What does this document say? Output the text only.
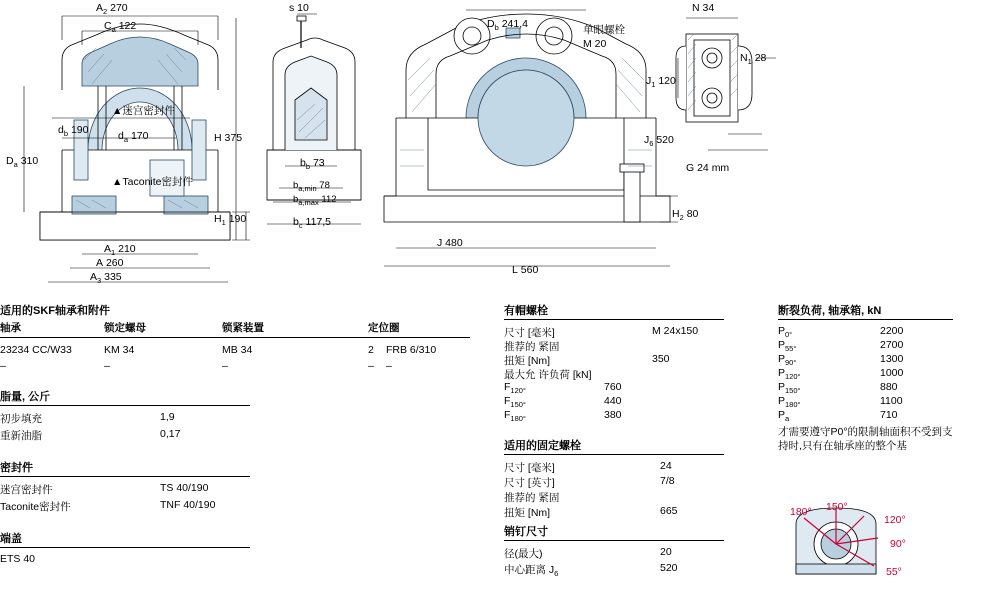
$A_2$ 270
$C_a$ 122
$d_b$ 190	$d_a$ 170
$D_a$ 310
H 375
$H_1$ 190
$A_1$ 210
A 260
$A_3$ 335
▲迷宫密封件
▲Taconite密封件
s 10
$b_b$ 73
$b_{a,min}$ 78
$b_{a,max}$ 112
$b_c$ 117,5
$D_b$ 241,4	单眼螺栓
M 20
$H_2$ 80
J 480
L 560
N 34
$N_1$ 28
$J_1$ 120
$J_6$ 520
G 24 mm
适用的SKF轴承和附件
轴承	锁定螺母	锁紧装置	定位圈
23234 CC/W33	KM 34	MB 34	2 FRB 6/310
–	–	–	– –
脂量, 公斤
初步填充	1,9
重新油脂	0,17
密封件
迷宫密封件	TS 40/190
Taconite密封件	TNF 40/190
端盖
ETS 40
有帽螺栓
尺寸 [毫米]	M 24x150
推荐的 紧固
扭矩 [Nm]	350
最大允 许负荷 [kN]
$F_{120^\circ}$	760
$F_{150^\circ}$	440
$F_{180^\circ}$	380
适用的固定螺栓
尺寸 [毫米]	24
尺寸 [英寸]	7/8
推荐的 紧固
扭矩 [Nm]	665
销钉尺寸
径(最大)	20
中心距离 $J_6$	520
断裂负荷, 轴承箱, kN
$P_{0^\circ}$	2200
$P_{55^\circ}$	2700
$P_{90^\circ}$	1300
$P_{120^\circ}$	1000
$P_{150^\circ}$	880
$P_{180^\circ}$	1100
$P_a$	710
才需要遵守P0°的限制轴面积不受到支持时,只有在轴承座的整个基
180° 150°
120°
90°
55°
